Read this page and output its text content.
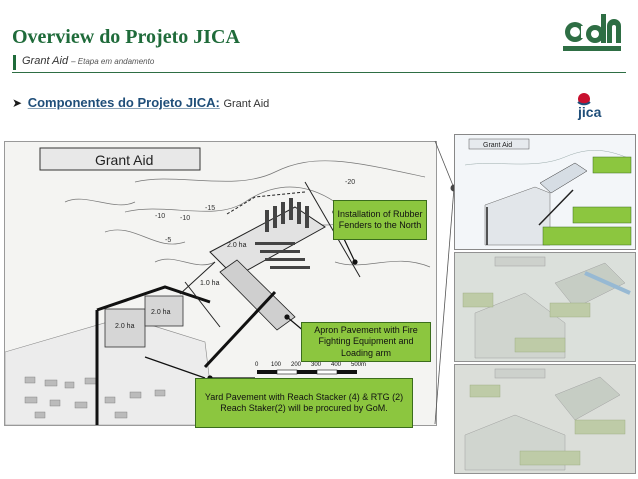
Overview do Projeto JICA
Grant Aid – Etapa em andamento
jica
➤ Componentes do Projeto JICA: Grant Aid
Grant Aid
2.0 ha
2.0 ha
1.0 ha
2.0 ha
-20
-15
-10 -10
-5
0 100 200 300 400 500m
Installation of Rubber Fenders to the North
Apron Pavement with Fire Fighting Equipment and Loading arm
Yard Pavement with Reach Stacker (4) & RTG (2) Reach Staker(2) will be procured by GoM.
Grant Aid
